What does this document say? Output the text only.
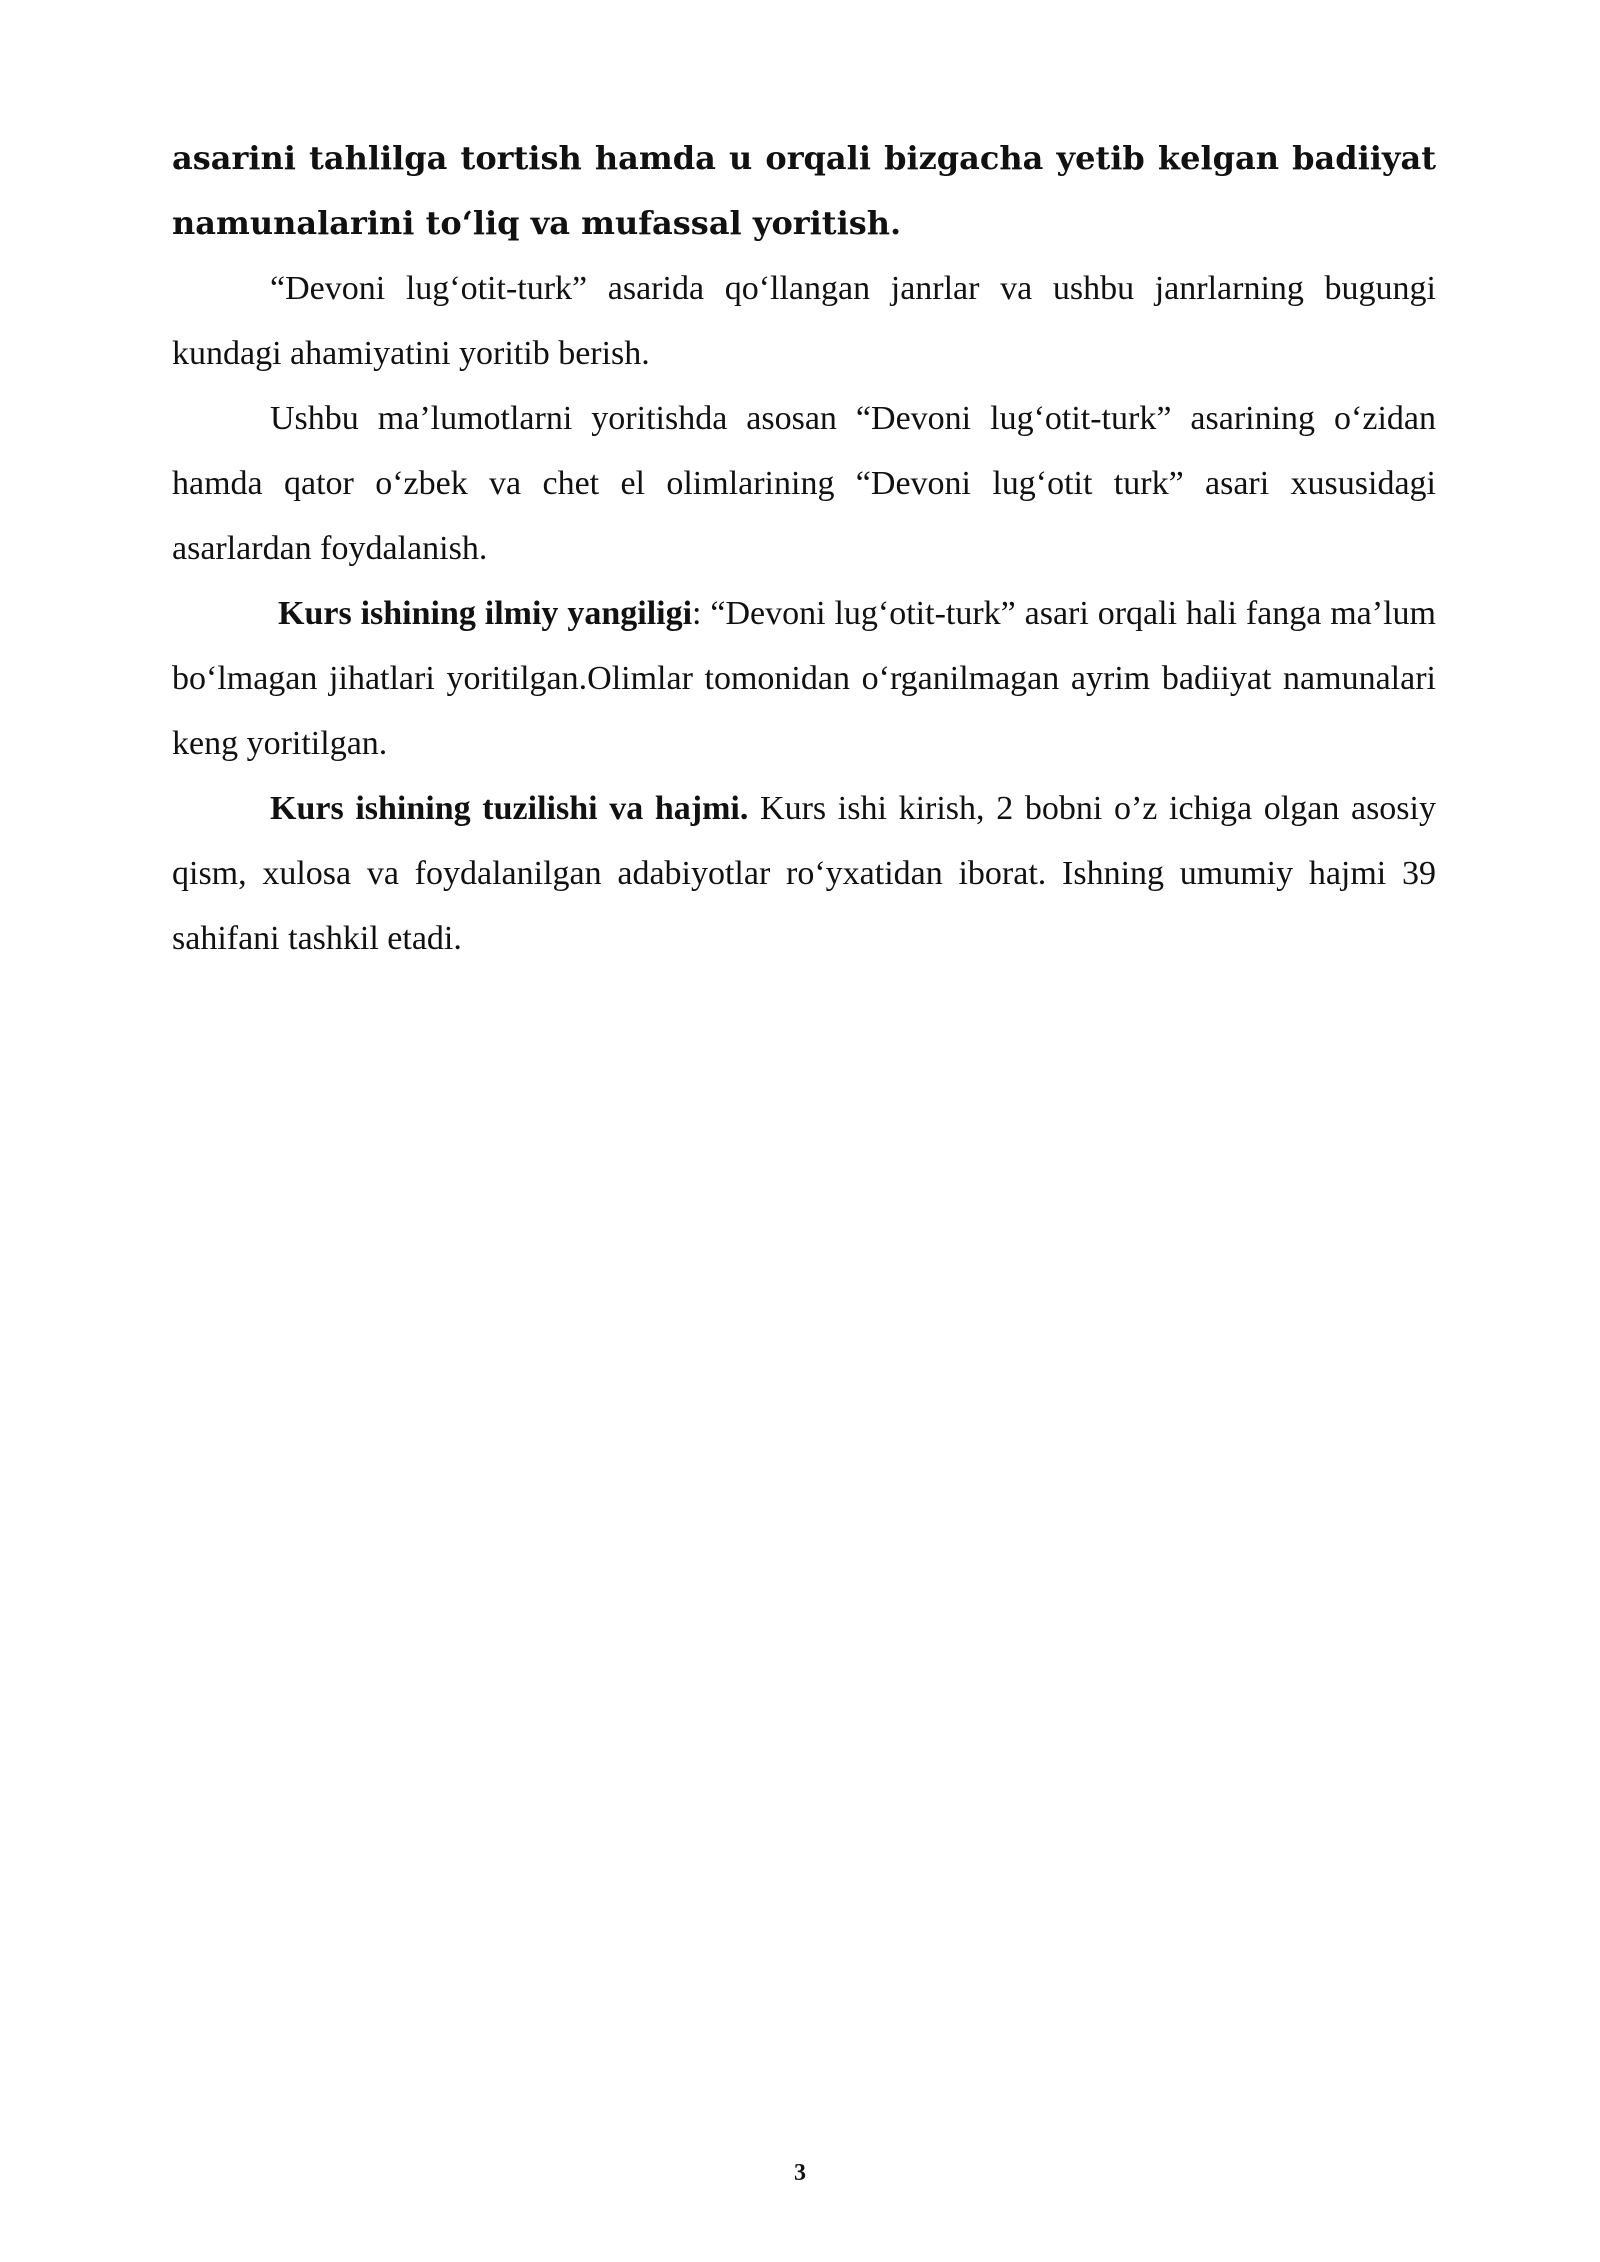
asarini tahlilga tortish hamda u orqali bizgacha yetib kelgan badiiyat namunalarini to‘liq va mufassal yoritish.

“Devoni lug‘otit-turk” asarida qo‘llangan janrlar va ushbu janrlarning bugungi kundagi ahamiyatini yoritib berish.

Ushbu ma’lumotlarni yoritishda asosan “Devoni lug‘otit-turk” asarining o‘zidan hamda qator o‘zbek va chet el olimlarining “Devoni lug‘otit turk” asari xususidagi asarlardan foydalanish.

Kurs ishining ilmiy yangiligi: “Devoni lug‘otit-turk” asari orqali hali fanga ma’lum bo‘lmagan jihatlari yoritilgan.Olimlar tomonidan o‘rganilmagan ayrim badiiyat namunalari keng yoritilgan.

Kurs ishining tuzilishi va hajmi. Kurs ishi kirish, 2 bobni o’z ichiga olgan asosiy qism, xulosa va foydalanilgan adabiyotlar ro‘yxatidan iborat. Ishning umumiy hajmi 39 sahifani tashkil etadi.

3
